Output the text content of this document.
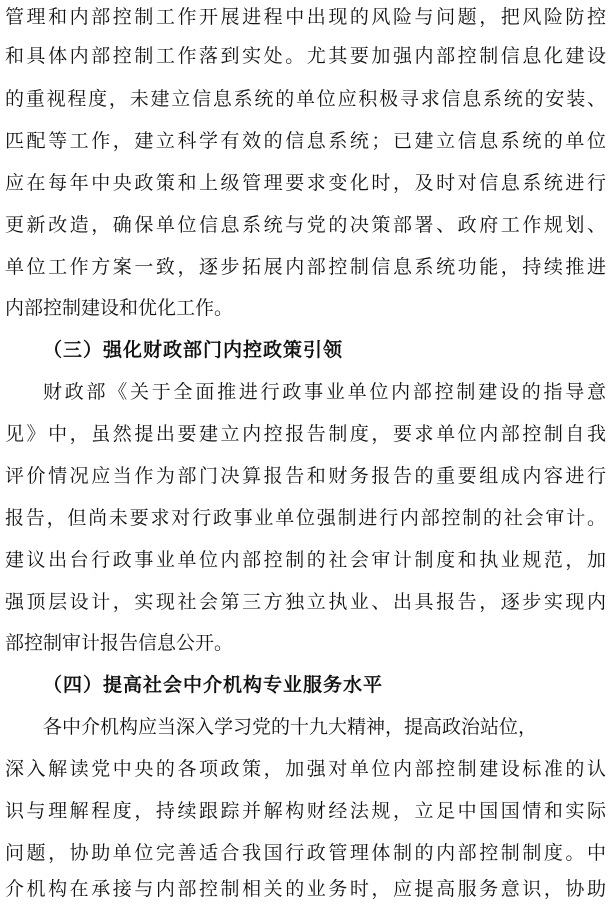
管理和内部控制工作开展进程中出现的风险与问题，把风险防控
和具体内部控制工作落到实处。尤其要加强内部控制信息化建设
的重视程度，未建立信息系统的单位应积极寻求信息系统的安装、
匹配等工作，建立科学有效的信息系统；已建立信息系统的单位
应在每年中央政策和上级管理要求变化时，及时对信息系统进行
更新改造，确保单位信息系统与党的决策部署、政府工作规划、
单位工作方案一致，逐步拓展内部控制信息系统功能，持续推进
内部控制建设和优化工作。
（三）强化财政部门内控政策引领
财政部《关于全面推进行政事业单位内部控制建设的指导意
见》中，虽然提出要建立内控报告制度，要求单位内部控制自我
评价情况应当作为部门决算报告和财务报告的重要组成内容进行
报告，但尚未要求对行政事业单位强制进行内部控制的社会审计。
建议出台行政事业单位内部控制的社会审计制度和执业规范，加
强顶层设计，实现社会第三方独立执业、出具报告，逐步实现内
部控制审计报告信息公开。
（四）提高社会中介机构专业服务水平
各中介机构应当深入学习党的十九大精神，提高政治站位，
深入解读党中央的各项政策，加强对单位内部控制建设标准的认
识与理解程度，持续跟踪并解构财经法规，立足中国国情和实际
问题，协助单位完善适合我国行政管理体制的内部控制制度。中
介机构在承接与内部控制相关的业务时，应提高服务意识，协助
